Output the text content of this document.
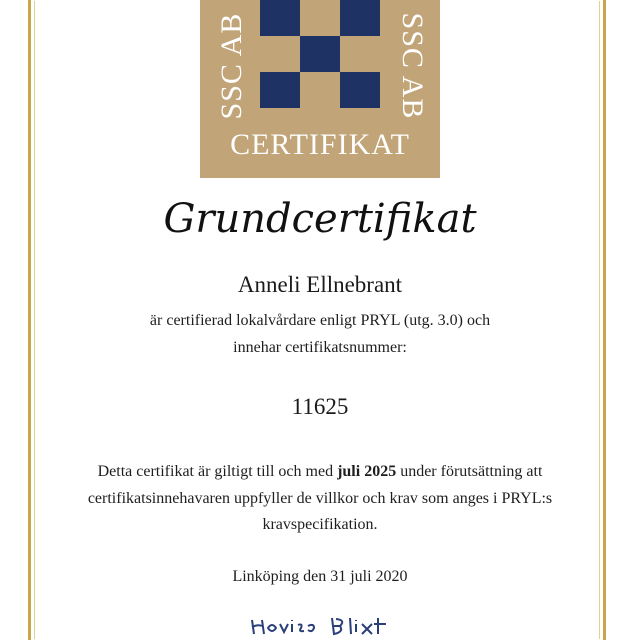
SSC AB	SSC AB
CERTIFIKAT
Grundcertifikat
Anneli Ellnebrant
är certifierad lokalvårdare enligt PRYL (utg. 3.0) och
innehar certifikatsnummer:
11625
Detta certifikat är giltigt till och med juli 2025 under förutsättning att certifikatsinnehavaren uppfyller de villkor och krav som anges i PRYL:s kravspecifikation.
Linköping den 31 juli 2020
